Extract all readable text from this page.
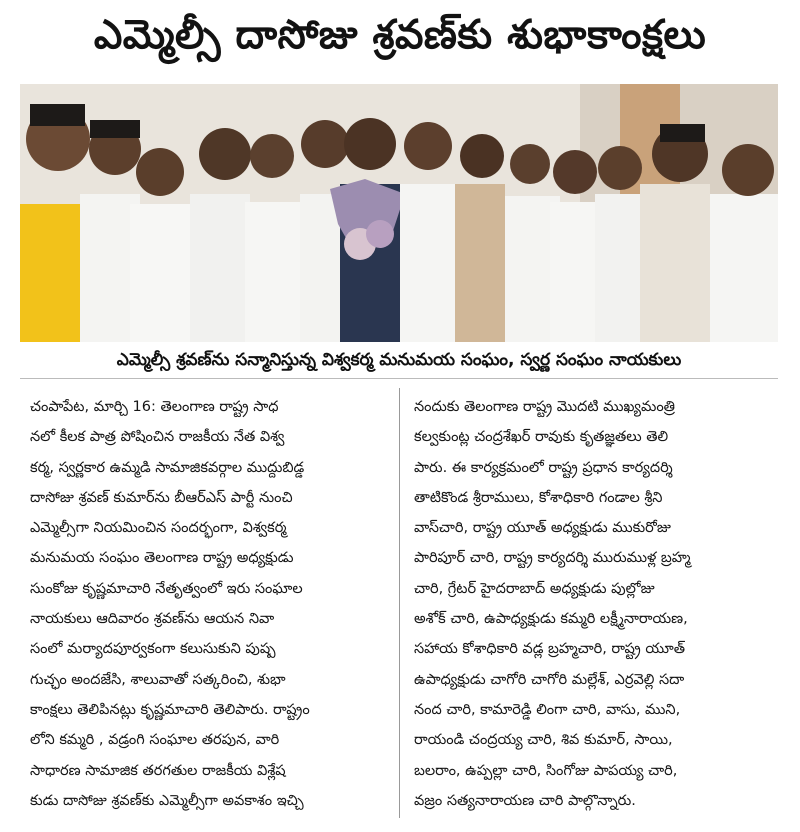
ఎమ్మెల్సీ దాసోజు శ్రవణ్‌కు శుభాకాంక్షలు
ఎమ్మెల్సీ శ్రవణ్‌ను సన్మానిస్తున్న విశ్వకర్మ మనుమయ సంఘం, స్వర్ణ సంఘం నాయకులు
చంపాపేట, మార్చి 16: తెలంగాణ రాష్ట్ర సాధ
నలో కీలక పాత్ర పోషించిన రాజకీయ నేత విశ్వ
కర్మ, స్వర్ణకార ఉమ్మడి సామాజికవర్గాల ముద్దుబిడ్డ
దాసోజు శ్రవణ్ కుమార్‌ను బీఆర్ఎస్ పార్టీ నుంచి
ఎమ్మెల్సీగా నియమించిన సందర్భంగా, విశ్వకర్మ
మనుమయ సంఘం తెలంగాణ రాష్ట్ర అధ్యక్షుడు
సుంకోజు కృష్ణమాచారి నేతృత్వంలో ఇరు సంఘాల
నాయకులు ఆదివారం శ్రవణ్‌ను ఆయన నివా
సంలో మర్యాదపూర్వకంగా కలుసుకుని పుష్ప
గుచ్ఛం అందజేసి, శాలువాతో సత్కరించి, శుభా
కాంక్షలు తెలిపినట్లు కృష్ణమాచారి తెలిపారు. రాష్ట్రం
లోని కమ్మరి , వడ్రంగి సంఘాల తరపున, వారి
సాధారణ సామాజిక తరగతుల రాజకీయ విశ్లేష
కుడు దాసోజు శ్రవణ్‌కు ఎమ్మెల్సీగా అవకాశం ఇచ్చి
నందుకు తెలంగాణ రాష్ట్ర మొదటి ముఖ్యమంత్రి
కల్వకుంట్ల చంద్రశేఖర్ రావుకు కృతజ్ఞతలు తెలి
పారు. ఈ కార్యక్రమంలో రాష్ట్ర ప్రధాన కార్యదర్శి
తాటికొండ శ్రీరాములు, కోశాధికారి గండాల శ్రీని
వాస్‌చారి, రాష్ట్ర యూత్ అధ్యక్షుడు ముకురోజు
పారిపూర్ చారి, రాష్ట్ర కార్యదర్శి మురుముళ్ల బ్రహ్మ
చారి, గ్రేటర్ హైదరాబాద్ అధ్యక్షుడు పుల్లోజు
అశోక్ చారి, ఉపాధ్యక్షుడు కమ్మరి లక్ష్మీనారాయణ,
సహాయ కోశాధికారి వడ్ల బ్రహ్మచారి, రాష్ట్ర యూత్
ఉపాధ్యక్షుడు చాగోరి చాగోరి మల్లేశ్, ఎర్రవెల్లి సదా
నంద చారి, కామారెడ్డి లింగా చారి, వాసు, ముని,
రాయండి చంద్రయ్య చారి, శివ కుమార్, సాయి,
బలరాం, ఉప్పల్లా చారి, సింగోజు పాపయ్య చారి,
వజ్రం సత్యనారాయణ చారి పాల్గొన్నారు.
